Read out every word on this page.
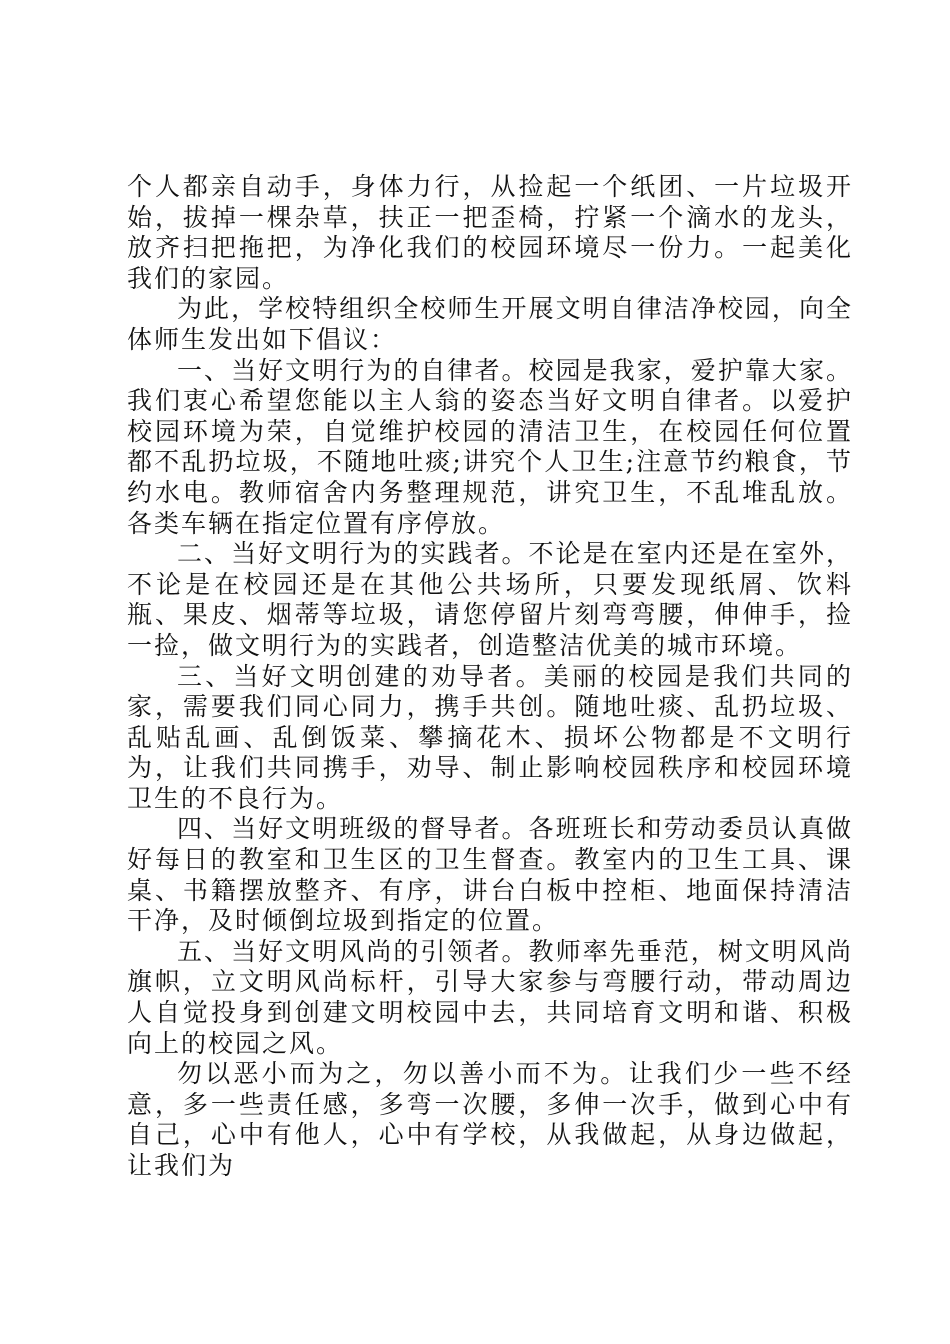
个人都亲自动手，身体力行，从捡起一个纸团、一片垃圾开始，拔掉一棵杂草，扶正一把歪椅，拧紧一个滴水的龙头，放齐扫把拖把，为净化我们的校园环境尽一份力。一起美化我们的家园。

为此，学校特组织全校师生开展文明自律洁净校园，向全体师生发出如下倡议：

一、当好文明行为的自律者。校园是我家，爱护靠大家。我们衷心希望您能以主人翁的姿态当好文明自律者。以爱护校园环境为荣，自觉维护校园的清洁卫生，在校园任何位置都不乱扔垃圾，不随地吐痰;讲究个人卫生;注意节约粮食，节约水电。教师宿舍内务整理规范，讲究卫生，不乱堆乱放。各类车辆在指定位置有序停放。

二、当好文明行为的实践者。不论是在室内还是在室外，不论是在校园还是在其他公共场所，只要发现纸屑、饮料瓶、果皮、烟蒂等垃圾，请您停留片刻弯弯腰，伸伸手，捡一捡，做文明行为的实践者，创造整洁优美的城市环境。

三、当好文明创建的劝导者。美丽的校园是我们共同的家，需要我们同心同力，携手共创。随地吐痰、乱扔垃圾、乱贴乱画、乱倒饭菜、攀摘花木、损坏公物都是不文明行为，让我们共同携手，劝导、制止影响校园秩序和校园环境卫生的不良行为。

四、当好文明班级的督导者。各班班长和劳动委员认真做好每日的教室和卫生区的卫生督查。教室内的卫生工具、课桌、书籍摆放整齐、有序，讲台白板中控柜、地面保持清洁干净，及时倾倒垃圾到指定的位置。

五、当好文明风尚的引领者。教师率先垂范，树文明风尚旗帜，立文明风尚标杆，引导大家参与弯腰行动，带动周边人自觉投身到创建文明校园中去，共同培育文明和谐、积极向上的校园之风。

勿以恶小而为之，勿以善小而不为。让我们少一些不经意，多一些责任感，多弯一次腰，多伸一次手，做到心中有自己，心中有他人，心中有学校，从我做起，从身边做起，让我们为
